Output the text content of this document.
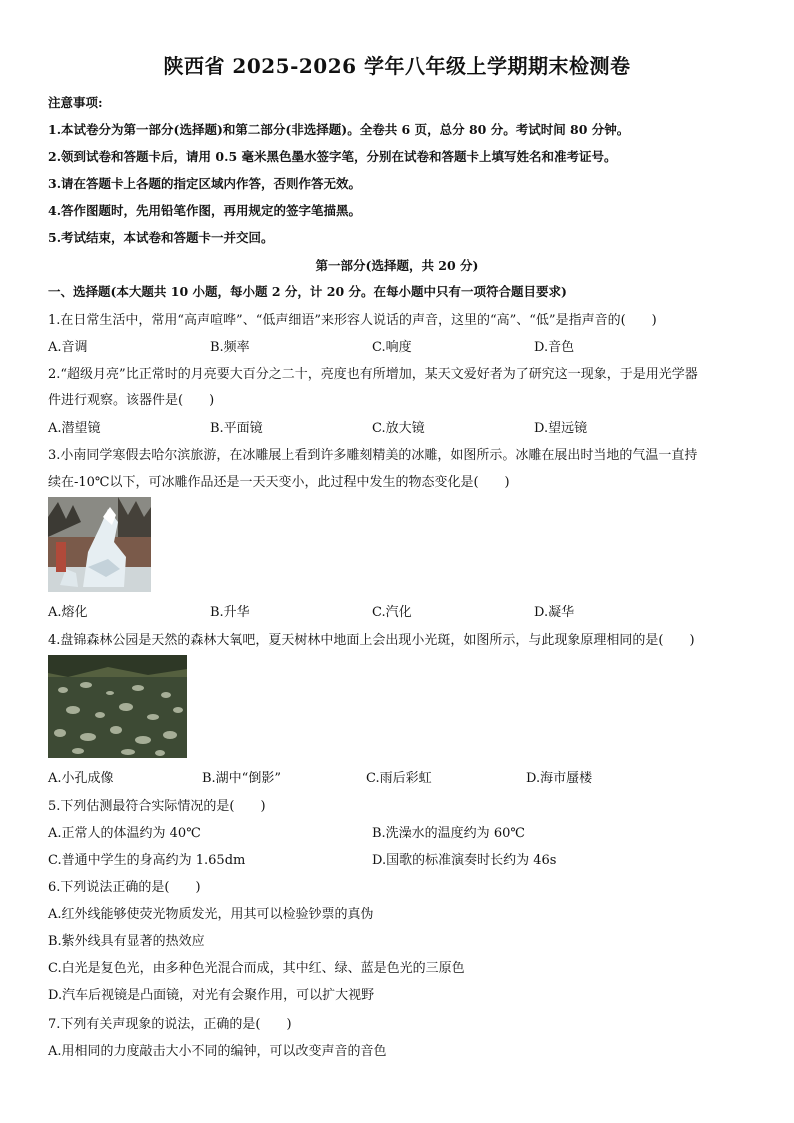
陕西省 2025-2026 学年八年级上学期期末检测卷
注意事项:
1.本试卷分为第一部分(选择题)和第二部分(非选择题)。全卷共 6 页，总分 80 分。考试时间 80 分钟。
2.领到试卷和答题卡后，请用 0.5 毫米黑色墨水签字笔，分别在试卷和答题卡上填写姓名和准考证号。
3.请在答题卡上各题的指定区域内作答，否则作答无效。
4.答作图题时，先用铅笔作图，再用规定的签字笔描黑。
5.考试结束，本试卷和答题卡一并交回。
第一部分(选择题，共 20 分)
一、选择题(本大题共 10 小题，每小题 2 分，计 20 分。在每小题中只有一项符合题目要求)
1.在日常生活中，常用“高声喧哗”、“低声细语”来形容人说话的声音，这里的“高”、“低”是指声音的(　　)
A.音调	B.频率	C.响度	D.音色
2.“超级月亮”比正常时的月亮要大百分之二十，亮度也有所增加，某天文爱好者为了研究这一现象，于是用光学器
件进行观察。该器件是(　　)
A.潜望镜	B.平面镜	C.放大镜	D.望远镜
3.小南同学寒假去哈尔滨旅游，在冰雕展上看到许多雕刻精美的冰雕，如图所示。冰雕在展出时当地的气温一直持
续在-10℃以下，可冰雕作品还是一天天变小，此过程中发生的物态变化是(　　)
A.熔化	B.升华	C.汽化	D.凝华
4.盘锦森林公园是天然的森林大氧吧，夏天树林中地面上会出现小光斑，如图所示，与此现象原理相同的是(　　)
A.小孔成像	B.湖中“倒影”	C.雨后彩虹	D.海市蜃楼
5.下列估测最符合实际情况的是(　　)
A.正常人的体温约为 40℃	B.洗澡水的温度约为 60℃
C.普通中学生的身高约为 1.65dm	D.国歌的标准演奏时长约为 46s
6.下列说法正确的是(　　)
A.红外线能够使荧光物质发光，用其可以检验钞票的真伪
B.紫外线具有显著的热效应
C.白光是复色光，由多种色光混合而成，其中红、绿、蓝是色光的三原色
D.汽车后视镜是凸面镜，对光有会聚作用，可以扩大视野
7.下列有关声现象的说法，正确的是(　　)
A.用相同的力度敲击大小不同的编钟，可以改变声音的音色
